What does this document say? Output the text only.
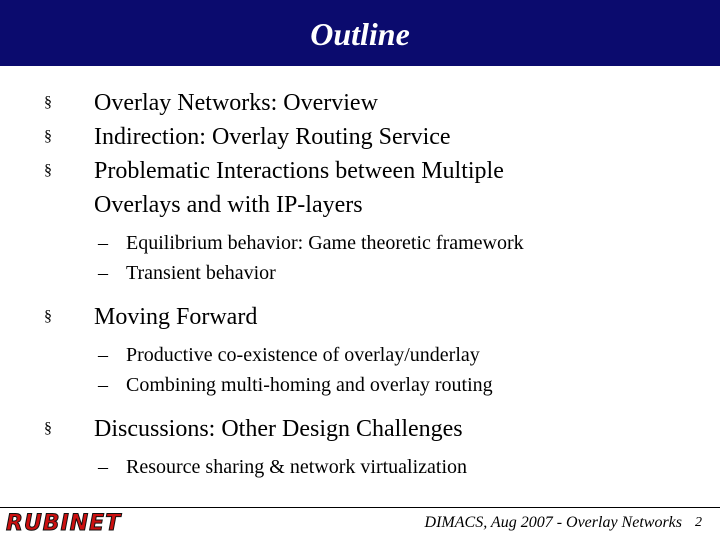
Outline
§	Overlay Networks: Overview
§	Indirection: Overlay Routing Service
§	Problematic Interactions between Multiple
Overlays and with IP-layers
– Equilibrium behavior: Game theoretic framework
– Transient behavior
§	Moving Forward
– Productive co-existence of overlay/underlay
– Combining multi-homing and overlay routing
§	Discussions: Other Design Challenges
– Resource sharing & network virtualization
RUBINET	DIMACS, Aug 2007 - Overlay Networks 2
